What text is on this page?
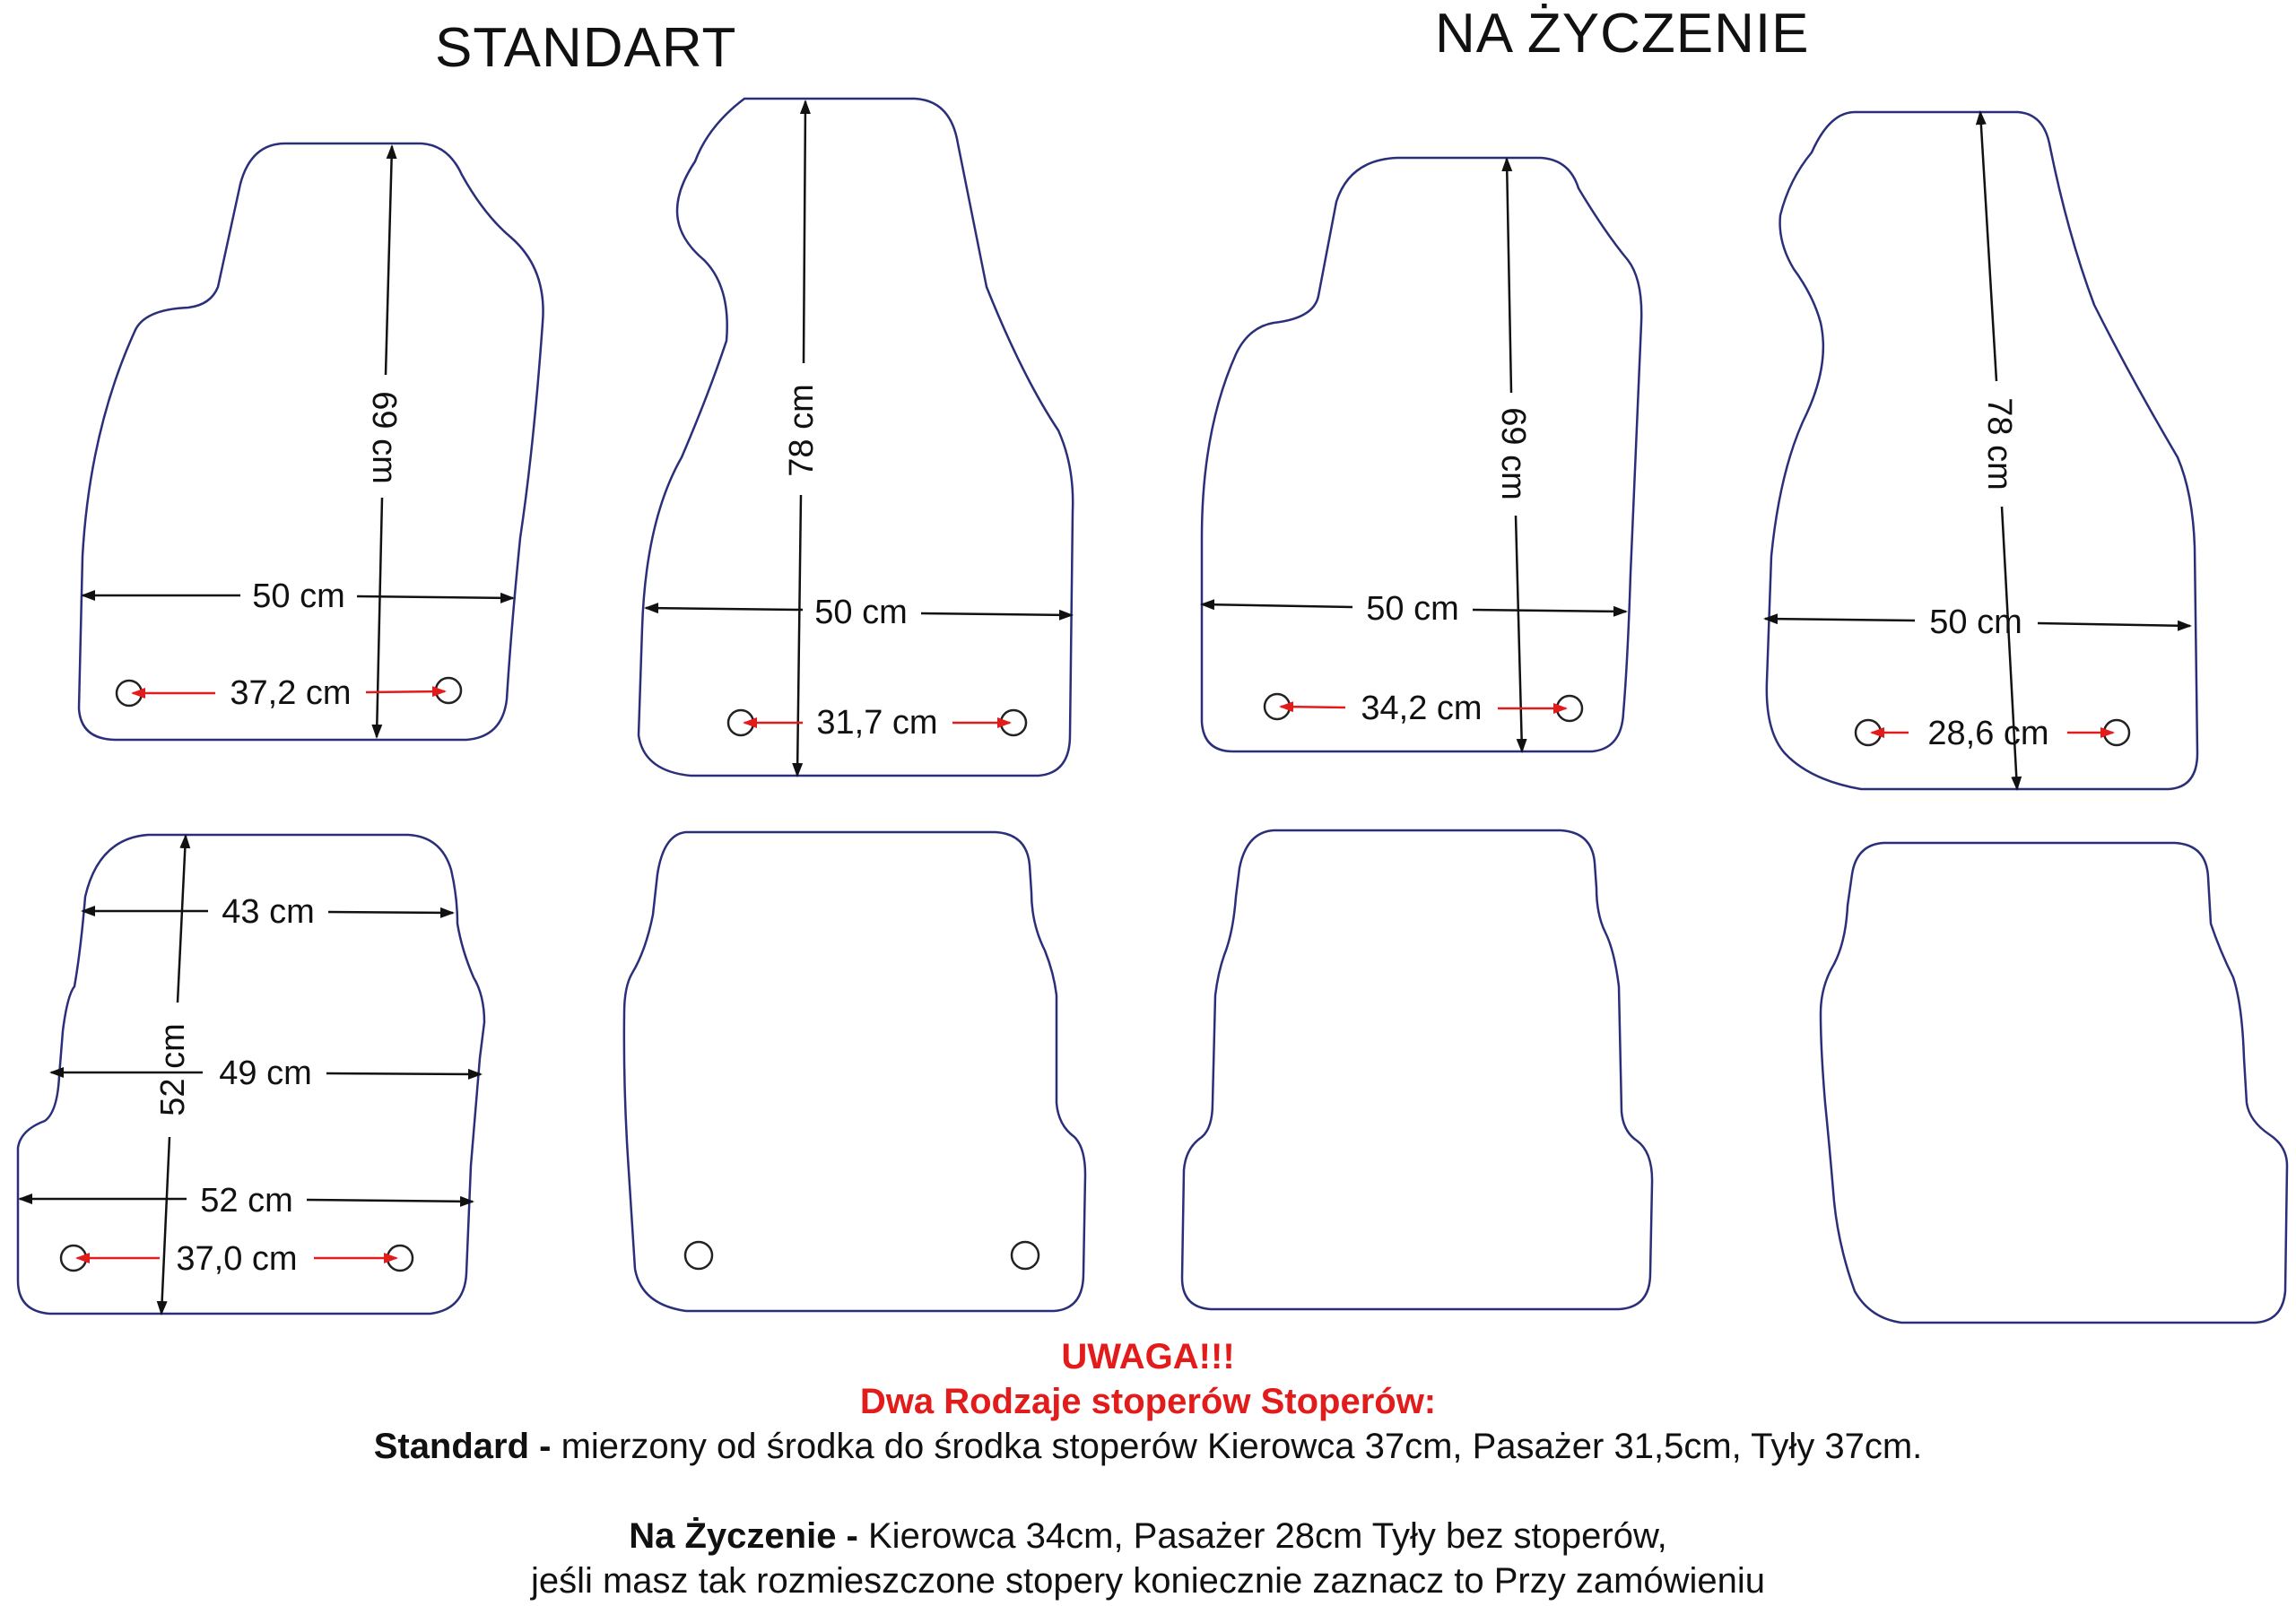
69 cm
50 cm
37,2 cm
78 cm
50 cm
31,7 cm
69 cm
50 cm
34,2 cm
78 cm
50 cm
28,6 cm
52 cm
43 cm
49 cm
52 cm
37,0 cm
STANDART	NA ŻYCZENIE
UWAGA!!!
Dwa Rodzaje stoperów Stoperów:
Standard - mierzony od środka do środka stoperów Kierowca 37cm, Pasażer 31,5cm, Tyły 37cm.
Na Życzenie - Kierowca 34cm, Pasażer 28cm Tyły bez stoperów,
jeśli masz tak rozmieszczone stopery koniecznie zaznacz to Przy zamówieniu
